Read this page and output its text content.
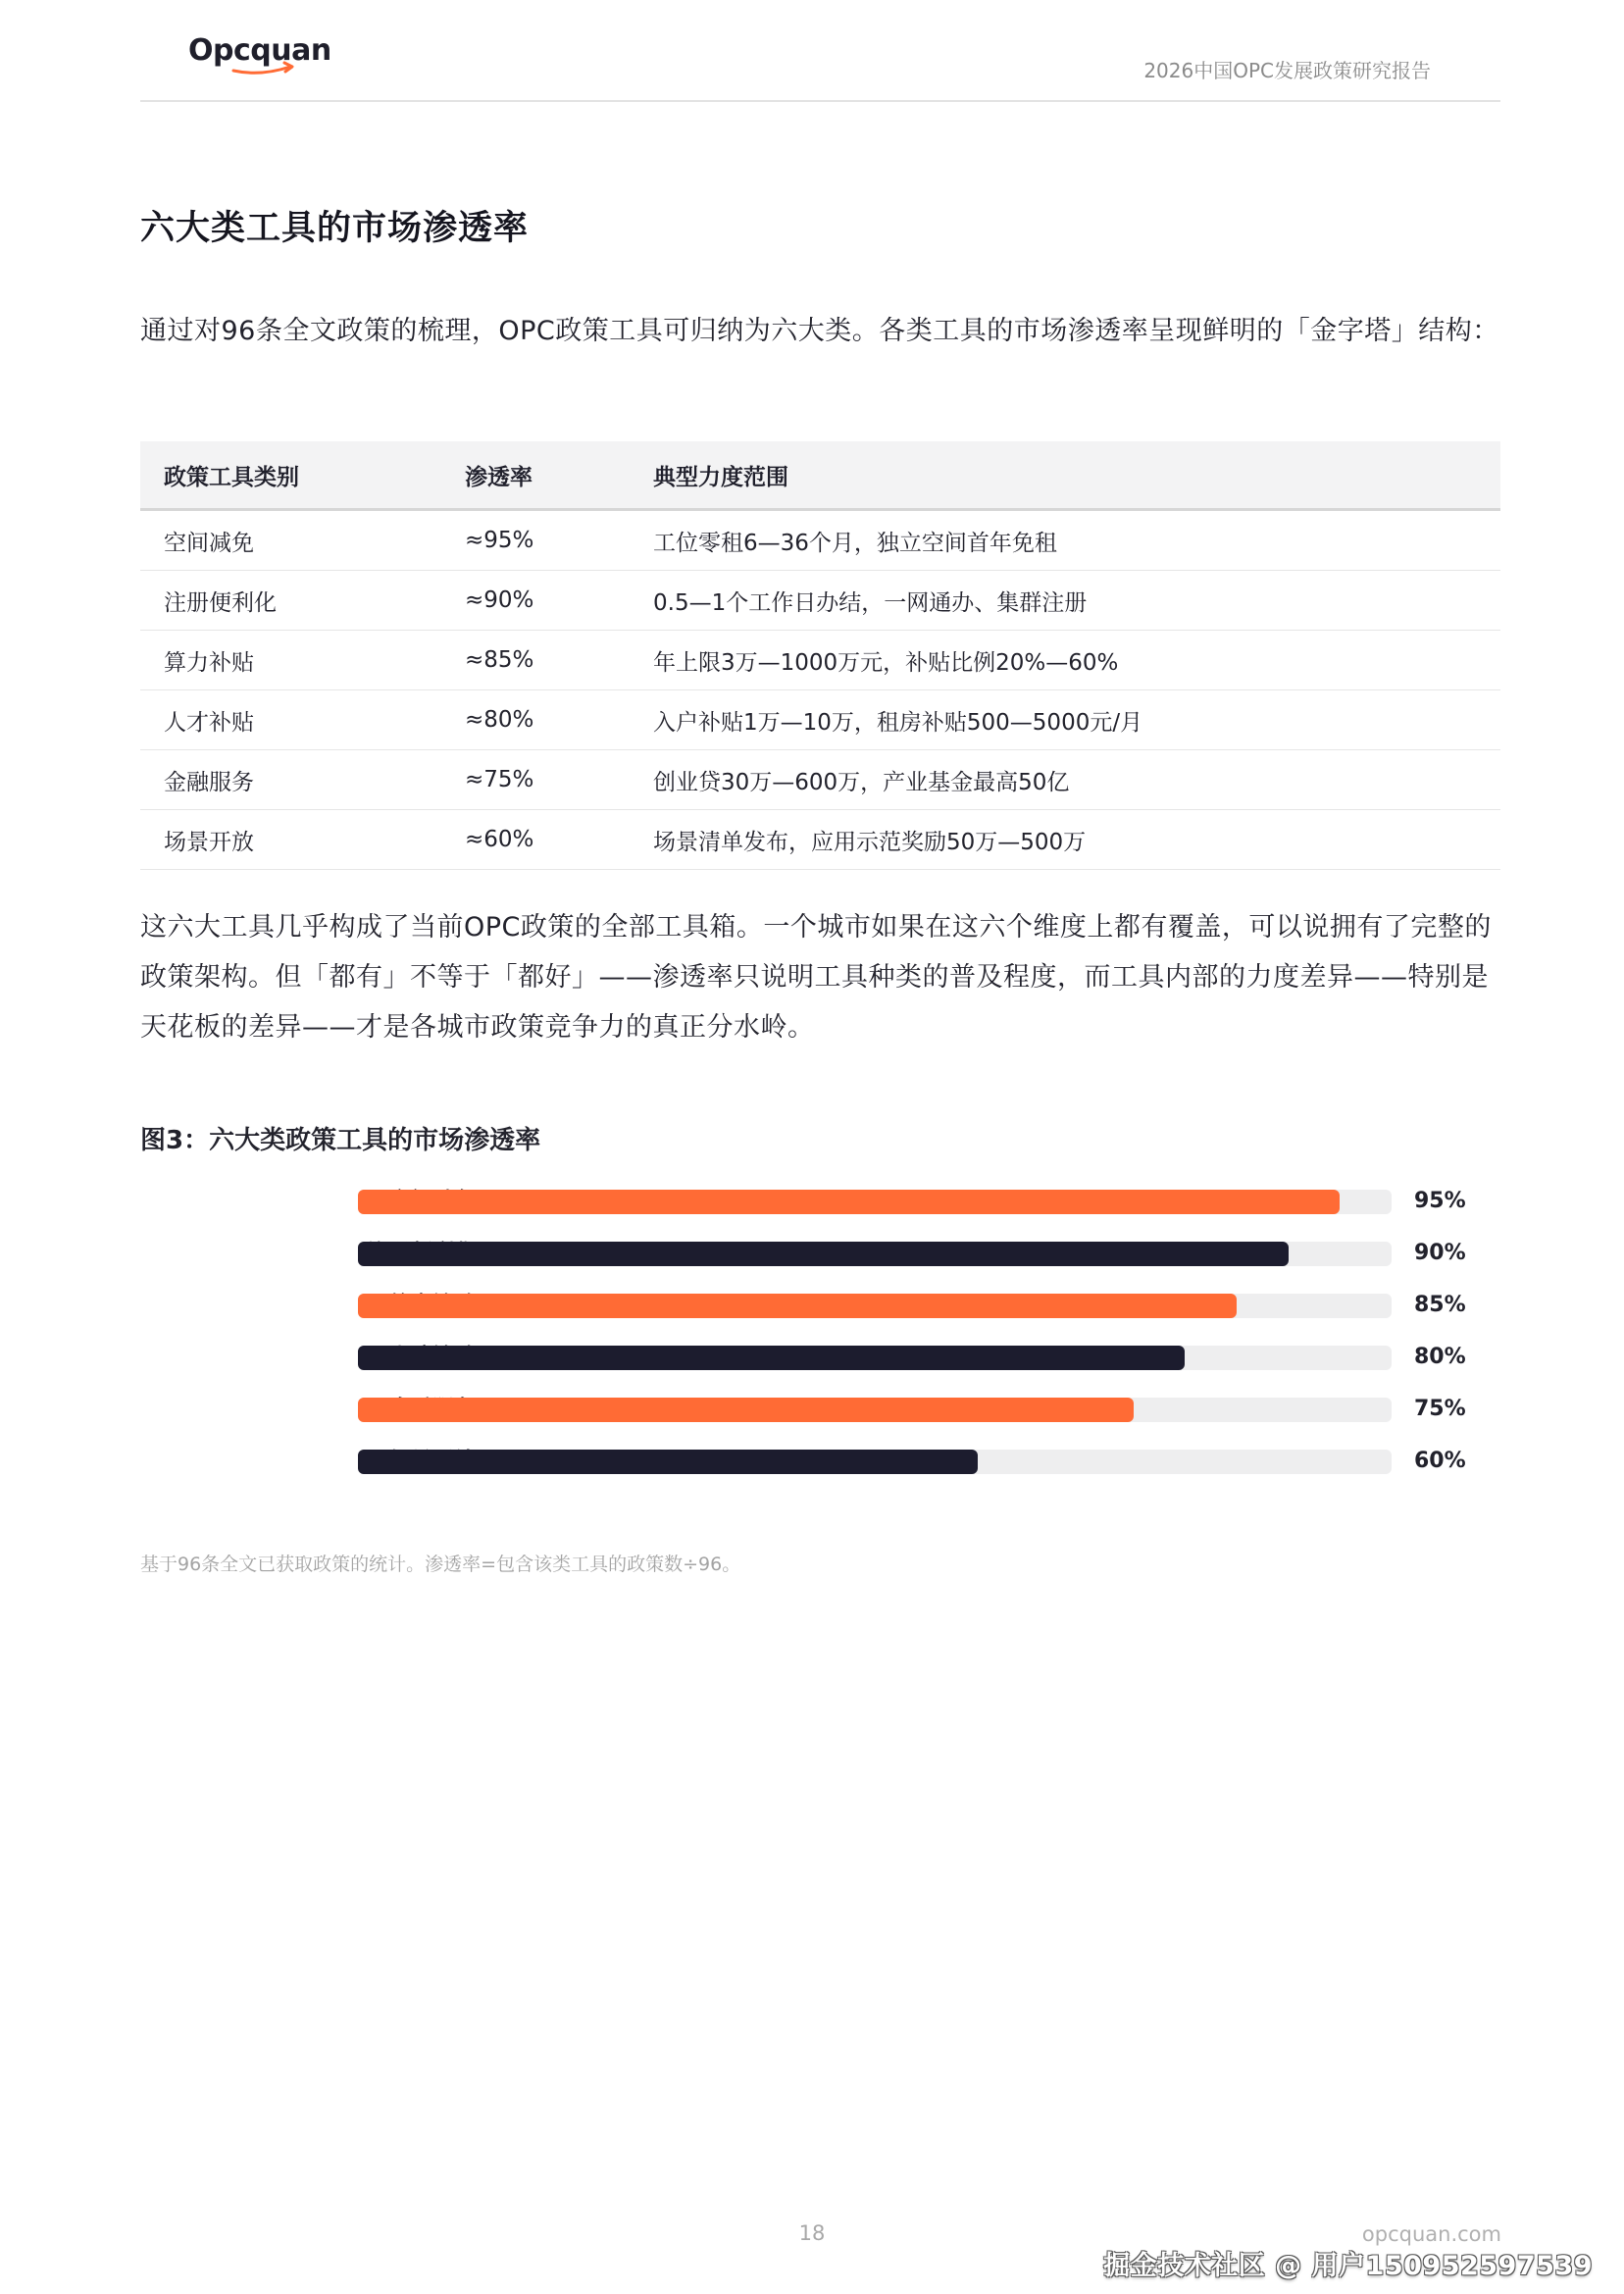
Opcquan
2026中国OPC发展政策研究报告
六大类工具的市场渗透率
通过对96条全文政策的梳理，OPC政策工具可归纳为六大类。各类工具的市场渗透率呈现鲜明的「金字塔」结构：
政策工具类别	渗透率	典型力度范围
空间减免	≈95%	工位零租6—36个月，独立空间首年免租
注册便利化	≈90%	0.5—1个工作日办结，一网通办、集群注册
算力补贴	≈85%	年上限3万—1000万元，补贴比例20%—60%
人才补贴	≈80%	入户补贴1万—10万，租房补贴500—5000元/月
金融服务	≈75%	创业贷30万—600万，产业基金最高50亿
场景开放	≈60%	场景清单发布，应用示范奖励50万—500万
这六大工具几乎构成了当前OPC政策的全部工具箱。一个城市如果在这六个维度上都有覆盖，可以说拥有了完整的政策架构。但「都有」不等于「都好」——渗透率只说明工具种类的普及程度，而工具内部的力度差异——特别是天花板的差异——才是各城市政策竞争力的真正分水岭。
图3：六大类政策工具的市场渗透率
95%
90%
85%
80%
75%
60%
基于96条全文已获取政策的统计。渗透率=包含该类工具的政策数÷96。
18	opcquan.com
掘金技术社区 @ 用户150952597539
